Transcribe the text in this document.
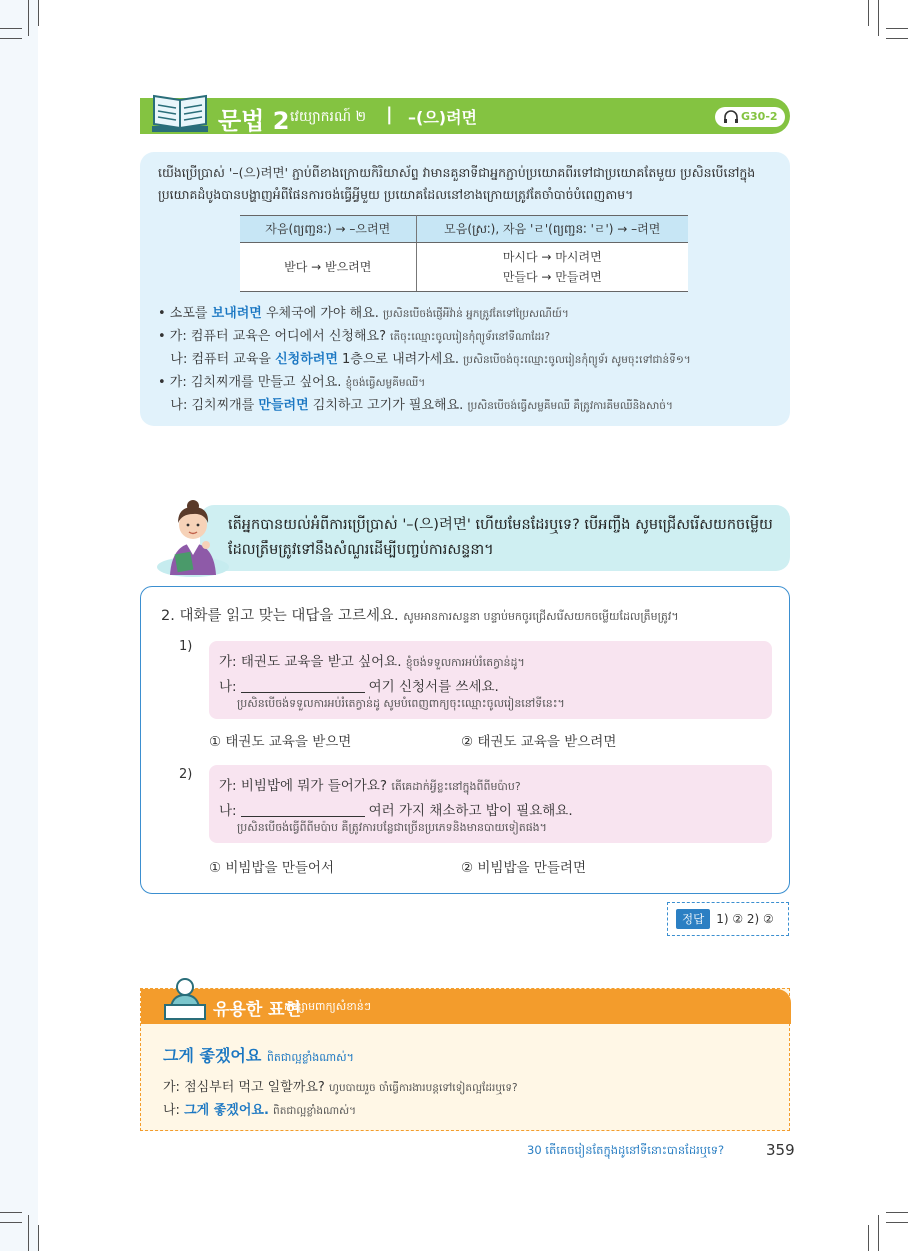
문법 2 វេយ្យាករណ៍ ២ | –(으)려면	G30-2

យើងប្រើប្រាស់ '–(으)려면' ភ្ជាប់ពីខាងក្រោយកិរិយាស័ព្ទ វាមានគួនាទីជាអ្នកភ្ជាប់ប្រយោគពីរទៅជាប្រយោគតែមួយ ប្រសិនបើនៅក្នុងប្រយោគដំបូងបានបង្ហាញអំពីផែនការចង់ធ្វើអ្វីមួយ ប្រយោគដែលនៅខាងក្រោយត្រូវតែចាំបាច់បំពេញតាម។

자음(ព្យញ្ជនៈ) → –으려면	모음(ស្រៈ), 자음 'ㄹ'(ព្យញ្ជនៈ 'ㄹ') → –려면
받다 → 받으려면	마시다 → 마시려면
만들다 → 만들려면
• 소포를 보내려면 우체국에 가야 해요. ប្រសិនបើចង់ផ្ញើអីវ៉ាន់ អ្នកត្រូវតែទៅប្រៃសណីយ៍។
• 가: 컴퓨터 교육은 어디에서 신청해요? តើចុះឈ្មោះចូលរៀនកុំព្យូទ័រនៅទីណាដែរ?
나: 컴퓨터 교육을 신청하려면 1층으로 내려가세요. ប្រសិនបើចង់ចុះឈ្មោះចូលរៀនកុំព្យូទ័រ សូមចុះទៅជាន់ទី១។
• 가: 김치찌개를 만들고 싶어요. ខ្ញុំចង់ធ្វើសម្លគីមឈី។
나: 김치찌개를 만들려면 김치하고 고기가 필요해요. ប្រសិនបើចង់ធ្វើសម្លគីមឈី គឺត្រូវការគីមឈីនិងសាច់។
តើអ្នកបានយល់អំពីការប្រើប្រាស់ '–(으)려면' ហើយមែនដែរឬទេ? បើអញ្ចឹង សូមជ្រើសរើសយកចម្លើយ
ដែលត្រឹមត្រូវទៅនឹងសំណួរដើម្បីបញ្ចប់ការសន្ទនា។
2. 대화를 읽고 맞는 대답을 고르세요. សូមអានការសន្ទនា បន្ទាប់មកចូរជ្រើសរើសយកចម្លើយដែលត្រឹមត្រូវ។
1)
가: 태권도 교육을 받고 싶어요. ខ្ញុំចង់ទទួលការអប់រំតេក្វាន់ដូ។
나:	여기 신청서를 쓰세요.
ប្រសិនបើចង់ទទួលការអប់រំតេក្វាន់ដូ សូមបំពេញពាក្យចុះឈ្មោះចូលរៀននៅទីនេះ។
① 태권도 교육을 받으면	② 태권도 교육을 받으려면
2)
가: 비빔밥에 뭐가 들어가요? តើគេដាក់អ្វីខ្លះនៅក្នុងពីពីមប៉ាប?
나:	여러 가지 채소하고 밥이 필요해요.
ប្រសិនបើចង់ធ្វើពីពីមប៉ាប គឺត្រូវការបន្លែជាច្រើនប្រភេទនិងមានបាយទៀតផង។
① 비빔밥을 만들어서	② 비빔밥을 만들려면
정답 1) ② 2) ②
유용한 표현
កន្សោមពាក្យសំខាន់ៗ
그게 좋겠어요 ពិតជាល្អខ្លាំងណាស់។
가: 점심부터 먹고 일할까요? ហូបបាយរួច ចាំធ្វើការងារបន្តទៅទៀតល្អដែរឬទេ?
나: 그게 좋겠어요. ពិតជាល្អខ្លាំងណាស់។
30 តើគេចរៀនតែក្នុងដូនៅទីនោះបានដែរឬទេ?	359
